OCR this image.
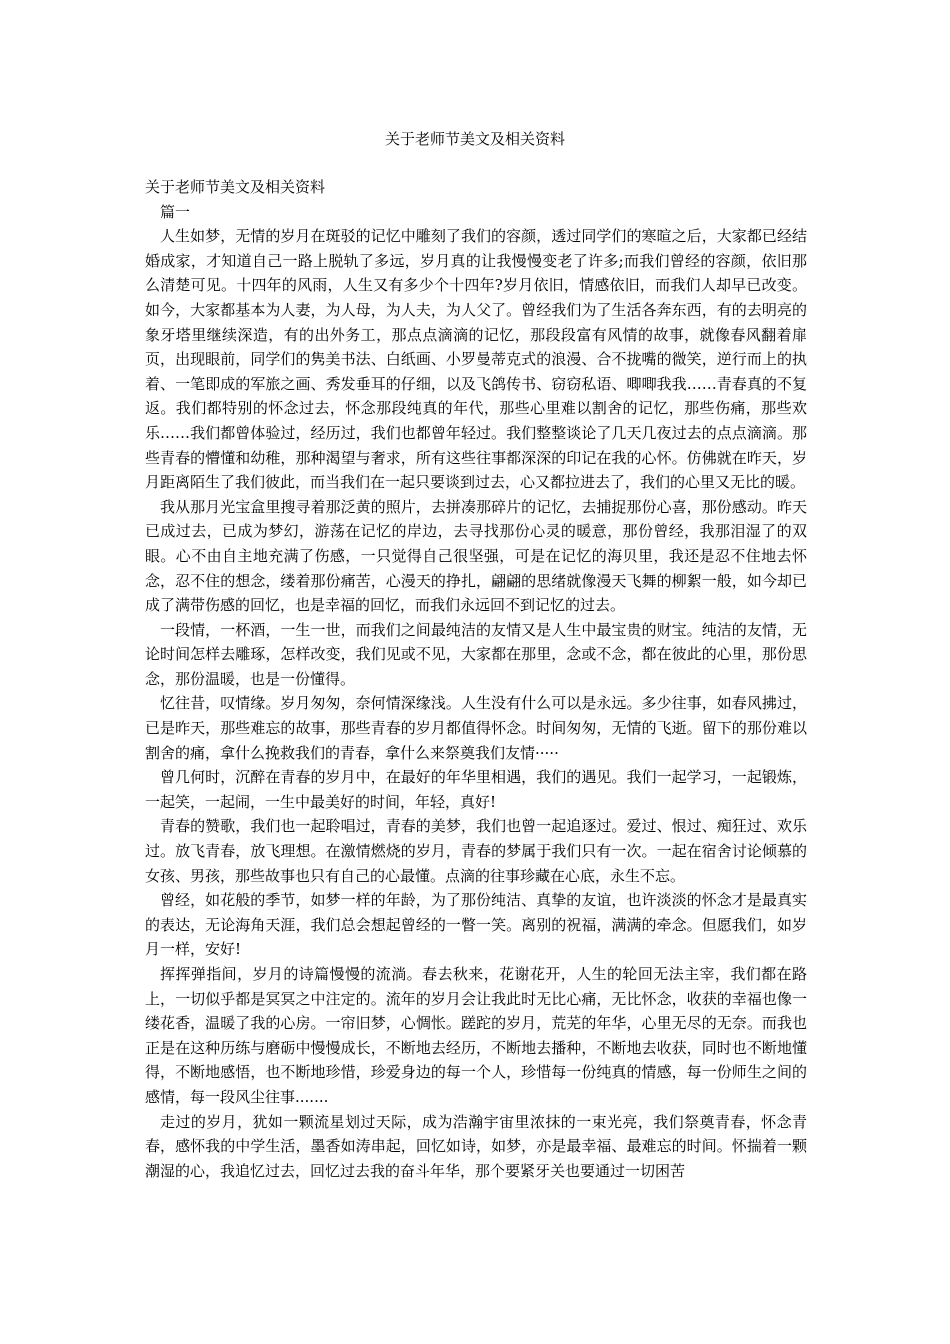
关于老师节美文及相关资料

关于老师节美文及相关资料

篇一

人生如梦，无情的岁月在斑驳的记忆中雕刻了我们的容颜，透过同学们的寒暄之后，大家都已经结婚成家，才知道自己一路上脱轨了多远，岁月真的让我慢慢变老了许多;而我们曾经的容颜，依旧那么清楚可见。十四年的风雨，人生又有多少个十四年?岁月依旧，情感依旧，而我们人却早已改变。如今，大家都基本为人妻，为人母，为人夫，为人父了。曾经我们为了生活各奔东西，有的去明亮的象牙塔里继续深造，有的出外务工，那点点滴滴的记忆，那段段富有风情的故事，就像春风翻着扉页，出现眼前，同学们的隽美书法、白纸画、小罗曼蒂克式的浪漫、合不拢嘴的微笑，逆行而上的执着、一笔即成的军旅之画、秀发垂耳的仔细，以及飞鸽传书、窃窃私语、唧唧我我……青春真的不复返。我们都特别的怀念过去，怀念那段纯真的年代，那些心里难以割舍的记忆，那些伤痛，那些欢乐……我们都曾体验过，经历过，我们也都曾年轻过。我们整整谈论了几天几夜过去的点点滴滴。那些青春的懵懂和幼稚，那种渴望与奢求，所有这些往事都深深的印记在我的心怀。仿佛就在昨天，岁月距离陌生了我们彼此，而当我们在一起只要谈到过去，心又都拉进去了，我们的心里又无比的暖。

我从那月光宝盒里搜寻着那泛黄的照片，去拼凑那碎片的记忆，去捕捉那份心喜，那份感动。昨天已成过去，已成为梦幻，游荡在记忆的岸边，去寻找那份心灵的暖意，那份曾经，我那泪湿了的双眼。心不由自主地充满了伤感，一只觉得自己很坚强，可是在记忆的海贝里，我还是忍不住地去怀念，忍不住的想念，缕着那份痛苦，心漫天的挣扎，翩翩的思绪就像漫天飞舞的柳絮一般，如今却已成了满带伤感的回忆，也是幸福的回忆，而我们永远回不到记忆的过去。

一段情，一杯酒，一生一世，而我们之间最纯洁的友情又是人生中最宝贵的财宝。纯洁的友情，无论时间怎样去雕琢，怎样改变，我们见或不见，大家都在那里，念或不念，都在彼此的心里，那份思念，那份温暖，也是一份懂得。

忆往昔，叹情缘。岁月匆匆，奈何情深缘浅。人生没有什么可以是永远。多少往事，如春风拂过，已是昨天，那些难忘的故事，那些青春的岁月都值得怀念。时间匆匆，无情的飞逝。留下的那份难以割舍的痛，拿什么挽救我们的青春，拿什么来祭奠我们友情·····

曾几何时，沉醉在青春的岁月中，在最好的年华里相遇，我们的遇见。我们一起学习，一起锻炼，一起笑，一起闹，一生中最美好的时间，年轻，真好!

青春的赞歌，我们也一起聆唱过，青春的美梦，我们也曾一起追逐过。爱过、恨过、痴狂过、欢乐过。放飞青春，放飞理想。在激情燃烧的岁月，青春的梦属于我们只有一次。一起在宿舍讨论倾慕的女孩、男孩，那些故事也只有自己的心最懂。点滴的往事珍藏在心底，永生不忘。

曾经，如花般的季节，如梦一样的年龄，为了那份纯洁、真挚的友谊，也许淡淡的怀念才是最真实的表达，无论海角天涯，我们总会想起曾经的一瞥一笑。离别的祝福，满满的牵念。但愿我们，如岁月一样，安好!

挥挥弹指间，岁月的诗篇慢慢的流淌。春去秋来，花谢花开，人生的轮回无法主宰，我们都在路上，一切似乎都是冥冥之中注定的。流年的岁月会让我此时无比心痛，无比怀念，收获的幸福也像一缕花香，温暖了我的心房。一帘旧梦，心惆怅。蹉跎的岁月，荒芜的年华，心里无尽的无奈。而我也正是在这种历练与磨砺中慢慢成长，不断地去经历，不断地去播种，不断地去收获，同时也不断地懂得，不断地感悟，也不断地珍惜，珍爱身边的每一个人，珍惜每一份纯真的情感，每一份师生之间的感情，每一段风尘往事.......

走过的岁月，犹如一颗流星划过天际，成为浩瀚宇宙里浓抹的一束光亮，我们祭奠青春，怀念青春，感怀我的中学生活，墨香如涛串起，回忆如诗，如梦，亦是最幸福、最难忘的时间。怀揣着一颗潮湿的心，我追忆过去，回忆过去我的奋斗年华，那个要紧牙关也要通过一切困苦
